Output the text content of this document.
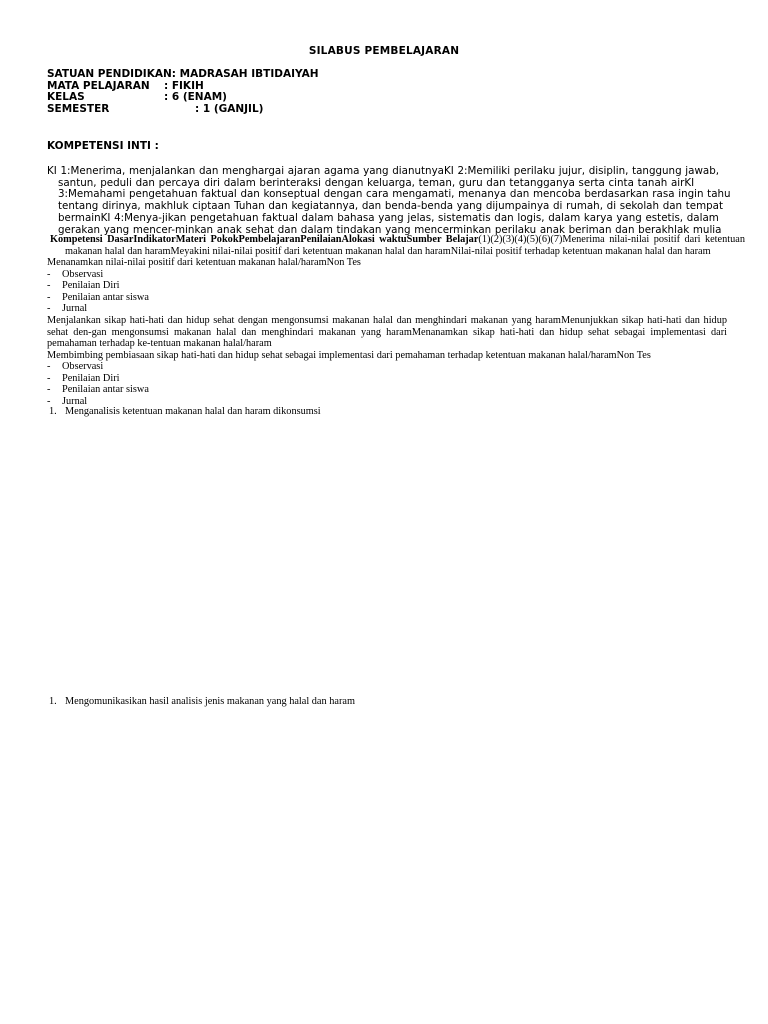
SILABUS PEMBELAJARAN
SATUAN PENDIDIKAN: MADRASAH IBTIDAIYAH
MATA PELAJARAN : FIKIH
KELAS	: 6 (ENAM)
SEMESTER	: 1 (GANJIL)
KOMPETENSI INTI :
KI 1:Menerima, menjalankan dan menghargai ajaran agama yang dianutnyaKI 2:Memiliki perilaku jujur, disiplin, tanggung jawab, santun, peduli dan percaya diri dalam berinteraksi dengan keluarga, teman, guru dan tetangganya serta cinta tanah airKI 3:Memahami pengetahuan faktual dan konseptual dengan cara mengamati, menanya dan mencoba berdasarkan rasa ingin tahu tentang dirinya, makhluk ciptaan Tuhan dan kegiatannya, dan benda-benda yang dijumpainya di rumah, di sekolah dan tempat bermainKI 4:Menya-jikan pengetahuan faktual dalam bahasa yang jelas, sistematis dan logis, dalam karya yang estetis, dalam gerakan yang mencer-minkan anak sehat dan dalam tindakan yang mencerminkan perilaku anak beriman dan berakhlak mulia
Kompetensi DasarIndikatorMateri PokokPembelajaranPenilaianAlokasi waktuSumber Belajar(1)(2)(3)(4)(5)(6)(7)Menerima nilai-nilai positif dari ketentuan makanan halal dan haramMeyakini nilai-nilai positif dari ketentuan makanan halal dan haramNilai-nilai positif terhadap ketentuan makanan halal dan haram
Menanamkan nilai-nilai positif dari ketentuan makanan halal/haramNon Tes
- Observasi
- Penilaian Diri
- Penilaian antar siswa
- Jurnal
Menjalankan sikap hati-hati dan hidup sehat dengan mengonsumsi makanan halal dan menghindari makanan yang haramMenunjukkan sikap hati-hati dan hidup sehat den-gan mengonsumsi makanan halal dan menghindari makanan yang haramMenanamkan sikap hati-hati dan hidup sehat sebagai implementasi dari pemahaman terhadap ke-tentuan makanan halal/haram
Membimbing pembiasaan sikap hati-hati dan hidup sehat sebagai implementasi dari pemahaman terhadap ketentuan makanan halal/haramNon Tes
- Observasi
- Penilaian Diri
- Penilaian antar siswa
- Jurnal
1. Menganalisis ketentuan makanan halal dan haram dikonsumsi
1. Mengomunikasikan hasil analisis jenis makanan yang halal dan haram
